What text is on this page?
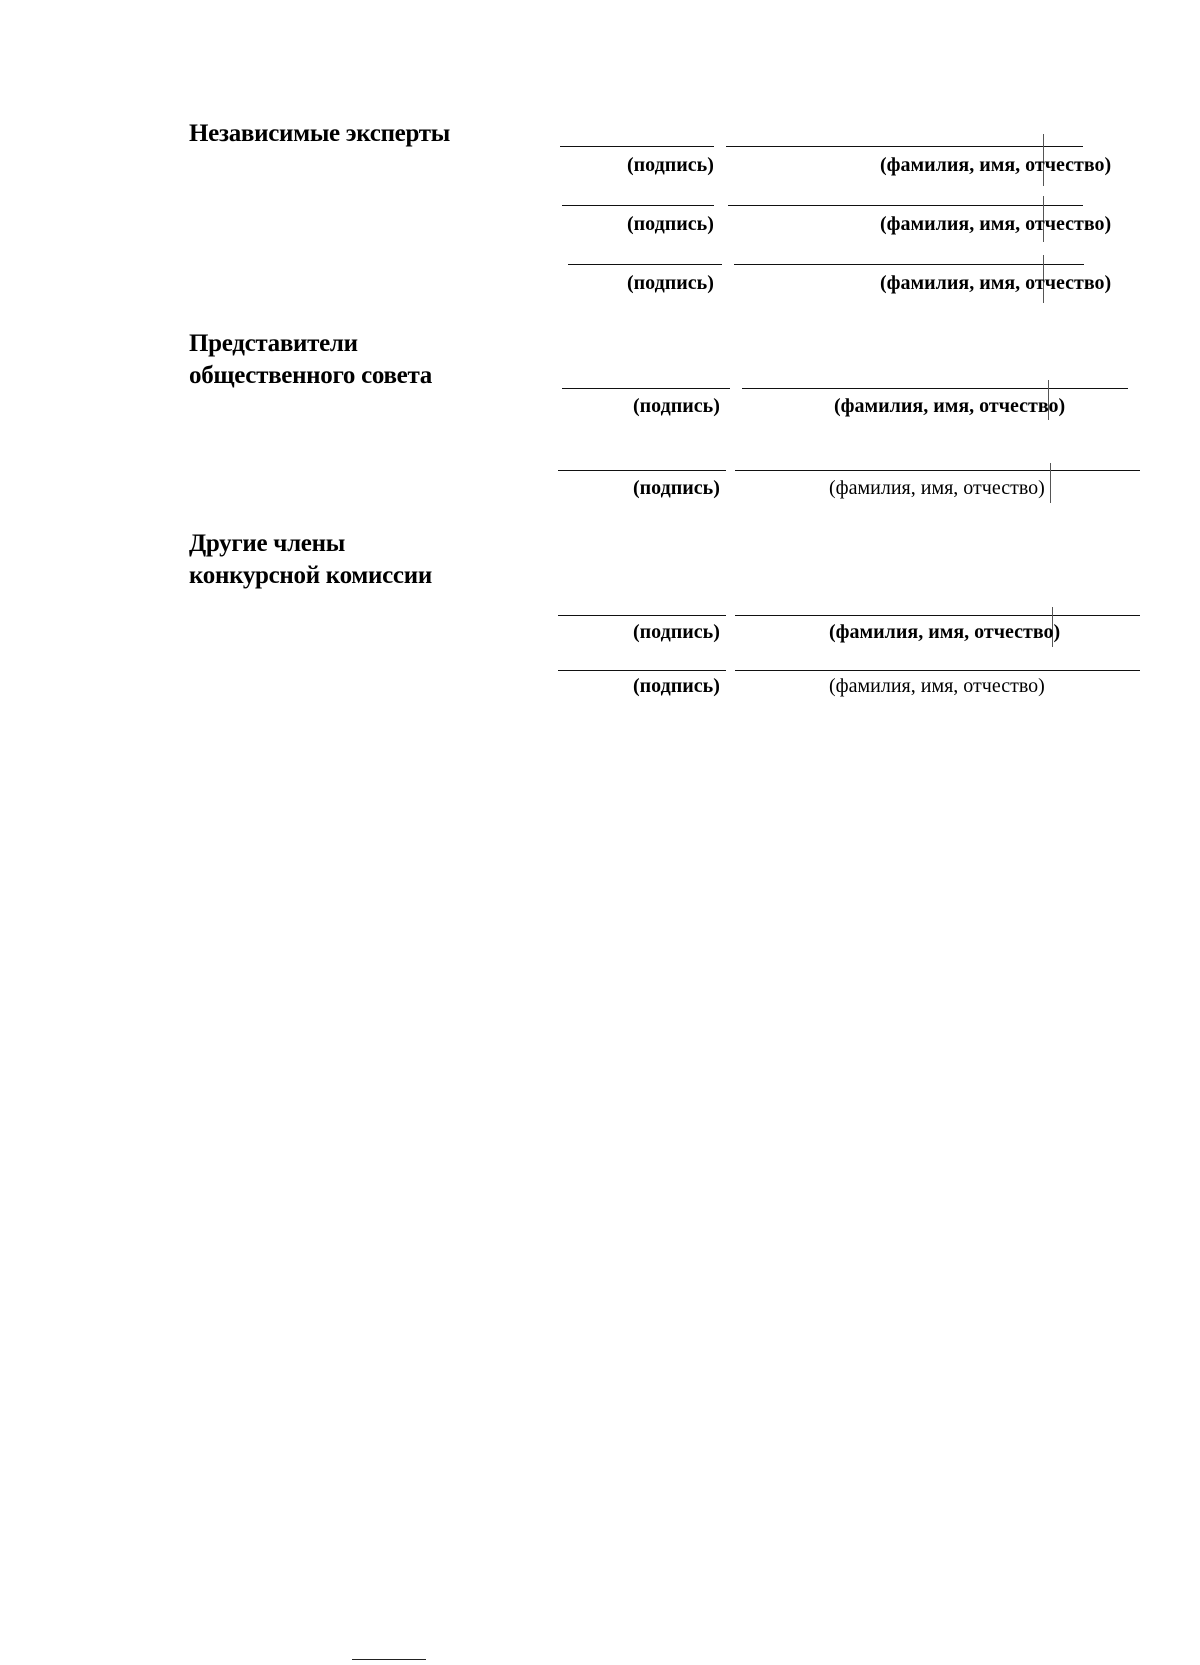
Независимые эксперты
(подпись)	(фамилия, имя, отчество)
(подпись)	(фамилия, имя, отчество)
(подпись)	(фамилия, имя, отчество)
Представители
общественного совета
(подпись)	(фамилия, имя, отчество)
(подпись)	(фамилия, имя, отчество)
Другие члены
конкурсной комиссии
(подпись)	(фамилия, имя, отчество)
(подпись)	(фамилия, имя, отчество)
